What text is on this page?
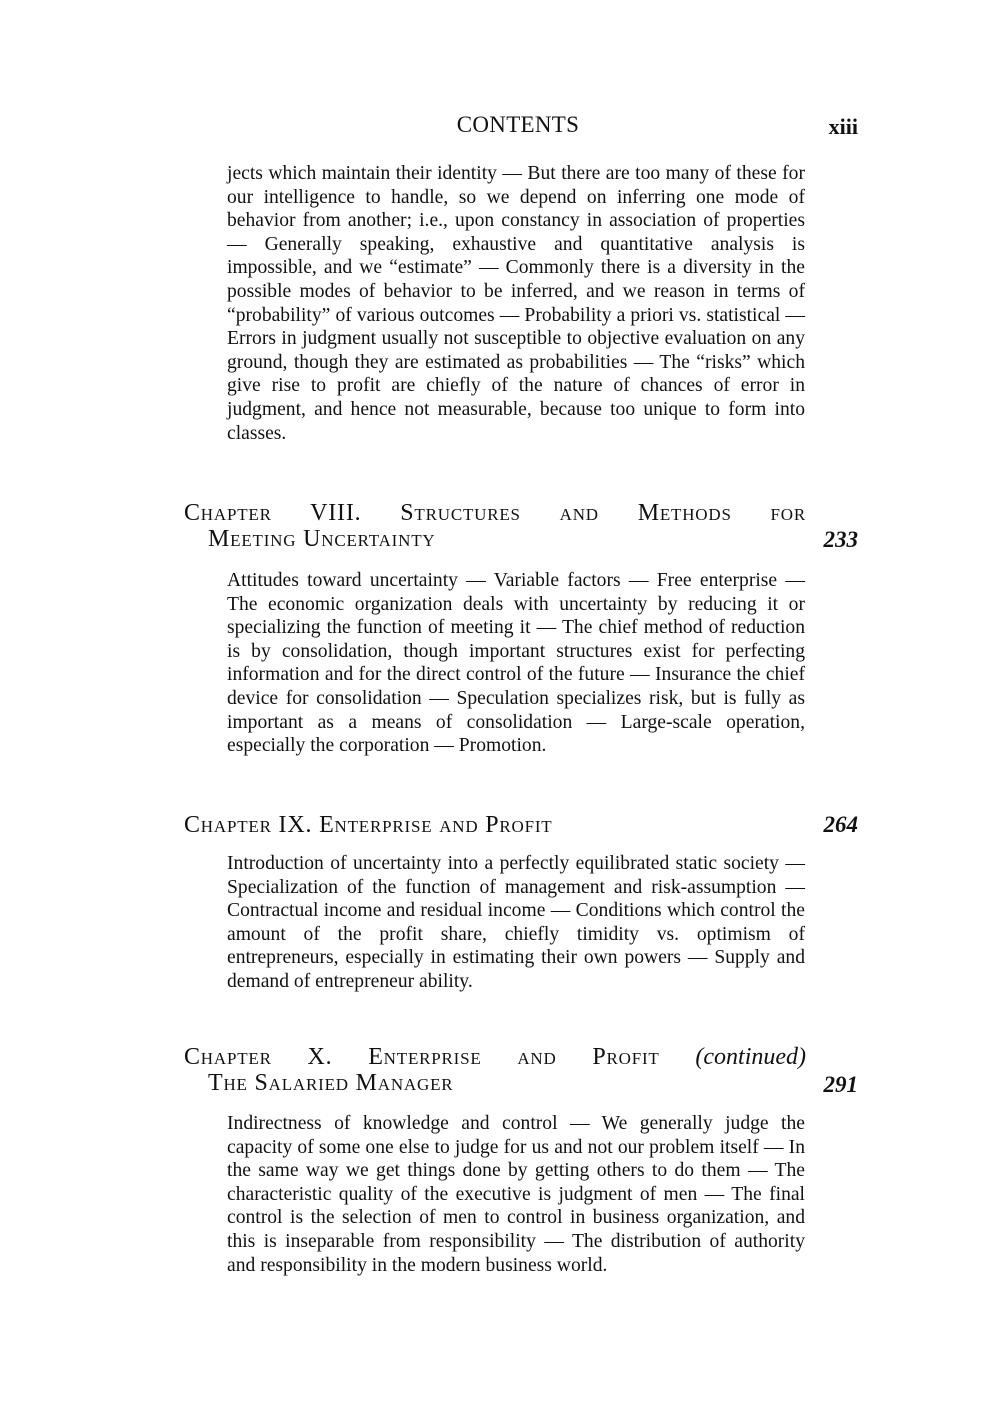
CONTENTS	xiii

jects which maintain their identity — But there are too many of these for our intelligence to handle, so we depend on inferring one mode of behavior from another; i.e., upon constancy in association of properties — Generally speaking, exhaustive and quantitative analysis is impossible, and we “estimate” — Commonly there is a diversity in the possible modes of behavior to be inferred, and we reason in terms of “probability” of various outcomes — Probability a priori vs. statistical — Errors in judgment usually not susceptible to objective evaluation on any ground, though they are estimated as probabilities — The “risks” which give rise to profit are chiefly of the nature of chances of error in judgment, and hence not measurable, because too unique to form into classes.

Chapter VIII. Structures and Methods for
Meeting Uncertainty	233

Attitudes toward uncertainty — Variable factors — Free enterprise — The economic organization deals with uncertainty by reducing it or specializing the function of meeting it — The chief method of reduction is by consolidation, though important structures exist for perfecting information and for the direct control of the future — Insurance the chief device for consolidation — Speculation specializes risk, but is fully as important as a means of consolidation — Large-scale operation, especially the corporation — Promotion.

Chapter IX. Enterprise and Profit	264

Introduction of uncertainty into a perfectly equilibrated static society — Specialization of the function of management and risk-assumption — Contractual income and residual income — Conditions which control the amount of the profit share, chiefly timidity vs. optimism of entrepreneurs, especially in estimating their own powers — Supply and demand of entrepreneur ability.

Chapter X. Enterprise and Profit (continued)
The Salaried Manager	291

Indirectness of knowledge and control — We generally judge the capacity of some one else to judge for us and not our problem itself — In the same way we get things done by getting others to do them — The characteristic quality of the executive is judgment of men — The final control is the selection of men to control in business organization, and this is inseparable from responsibility — The distribution of authority and responsibility in the modern business world.
